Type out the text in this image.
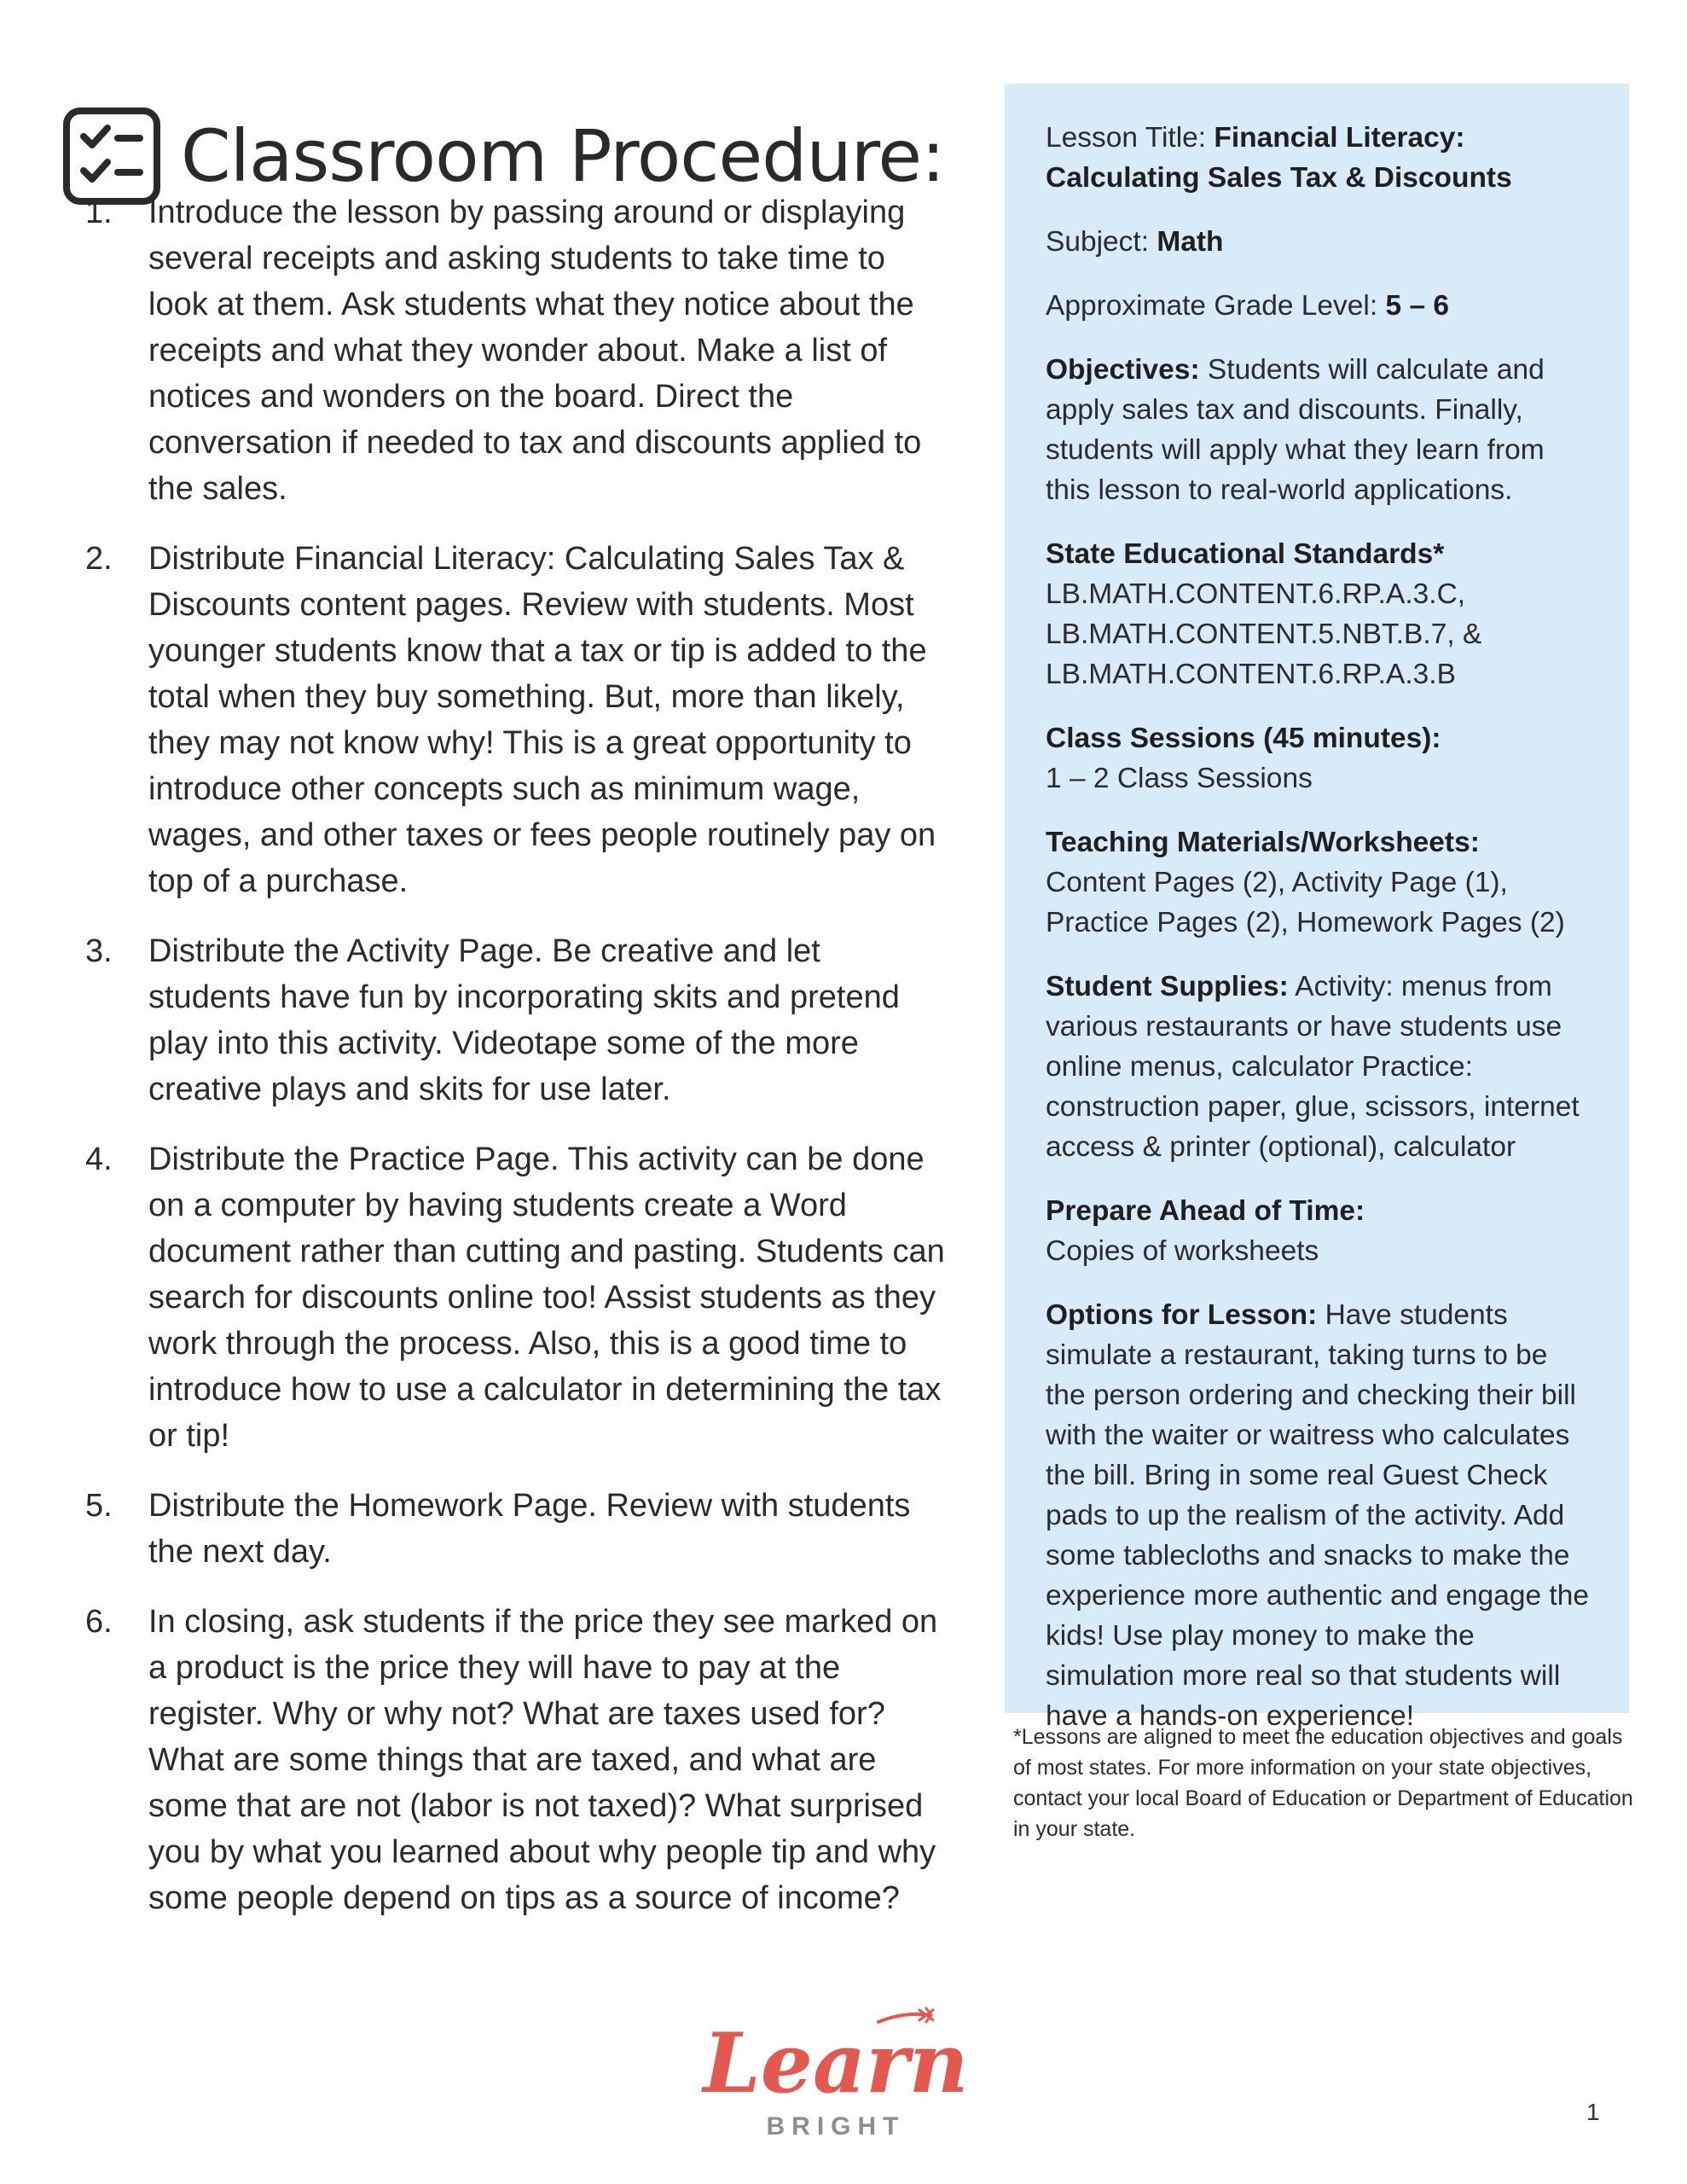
Classroom Procedure:
1.	Introduce the lesson by passing around or displaying several receipts and asking students to take time to look at them. Ask students what they notice about the receipts and what they wonder about. Make a list of notices and wonders on the board. Direct the conversation if needed to tax and discounts applied to the sales.
2.	Distribute Financial Literacy: Calculating Sales Tax & Discounts content pages. Review with students. Most younger students know that a tax or tip is added to the total when they buy something. But, more than likely, they may not know why! This is a great opportunity to introduce other concepts such as minimum wage, wages, and other taxes or fees people routinely pay on top of a purchase.
3.	Distribute the Activity Page. Be creative and let students have fun by incorporating skits and pretend play into this activity. Videotape some of the more creative plays and skits for use later.
4.	Distribute the Practice Page. This activity can be done on a computer by having students create a Word document rather than cutting and pasting. Students can search for discounts online too! Assist students as they work through the process. Also, this is a good time to introduce how to use a calculator in determining the tax or tip!
5.	Distribute the Homework Page. Review with students the next day.
6.	In closing, ask students if the price they see marked on a product is the price they will have to pay at the register. Why or why not? What are taxes used for? What are some things that are taxed, and what are some that are not (labor is not taxed)? What surprised you by what you learned about why people tip and why some people depend on tips as a source of income?
Lesson Title: Financial Literacy: Calculating Sales Tax & Discounts
Subject: Math
Approximate Grade Level: 5 – 6
Objectives: Students will calculate and apply sales tax and discounts. Finally, students will apply what they learn from this lesson to real-world applications.
State Educational Standards*
LB.MATH.CONTENT.6.RP.A.3.C,
LB.MATH.CONTENT.5.NBT.B.7, &
LB.MATH.CONTENT.6.RP.A.3.B
Class Sessions (45 minutes):
1 – 2 Class Sessions
Teaching Materials/Worksheets:
Content Pages (2), Activity Page (1), Practice Pages (2), Homework Pages (2)
Student Supplies: Activity: menus from various restaurants or have students use online menus, calculator Practice: construction paper, glue, scissors, internet access & printer (optional), calculator
Prepare Ahead of Time:
Copies of worksheets
Options for Lesson: Have students simulate a restaurant, taking turns to be the person ordering and checking their bill with the waiter or waitress who calculates the bill. Bring in some real Guest Check pads to up the realism of the activity. Add some tablecloths and snacks to make the experience more authentic and engage the kids! Use play money to make the simulation more real so that students will have a hands-on experience!
*Lessons are aligned to meet the education objectives and goals of most states. For more information on your state objectives, contact your local Board of Education or Department of Education in your state.
Learn
BRIGHT
1
